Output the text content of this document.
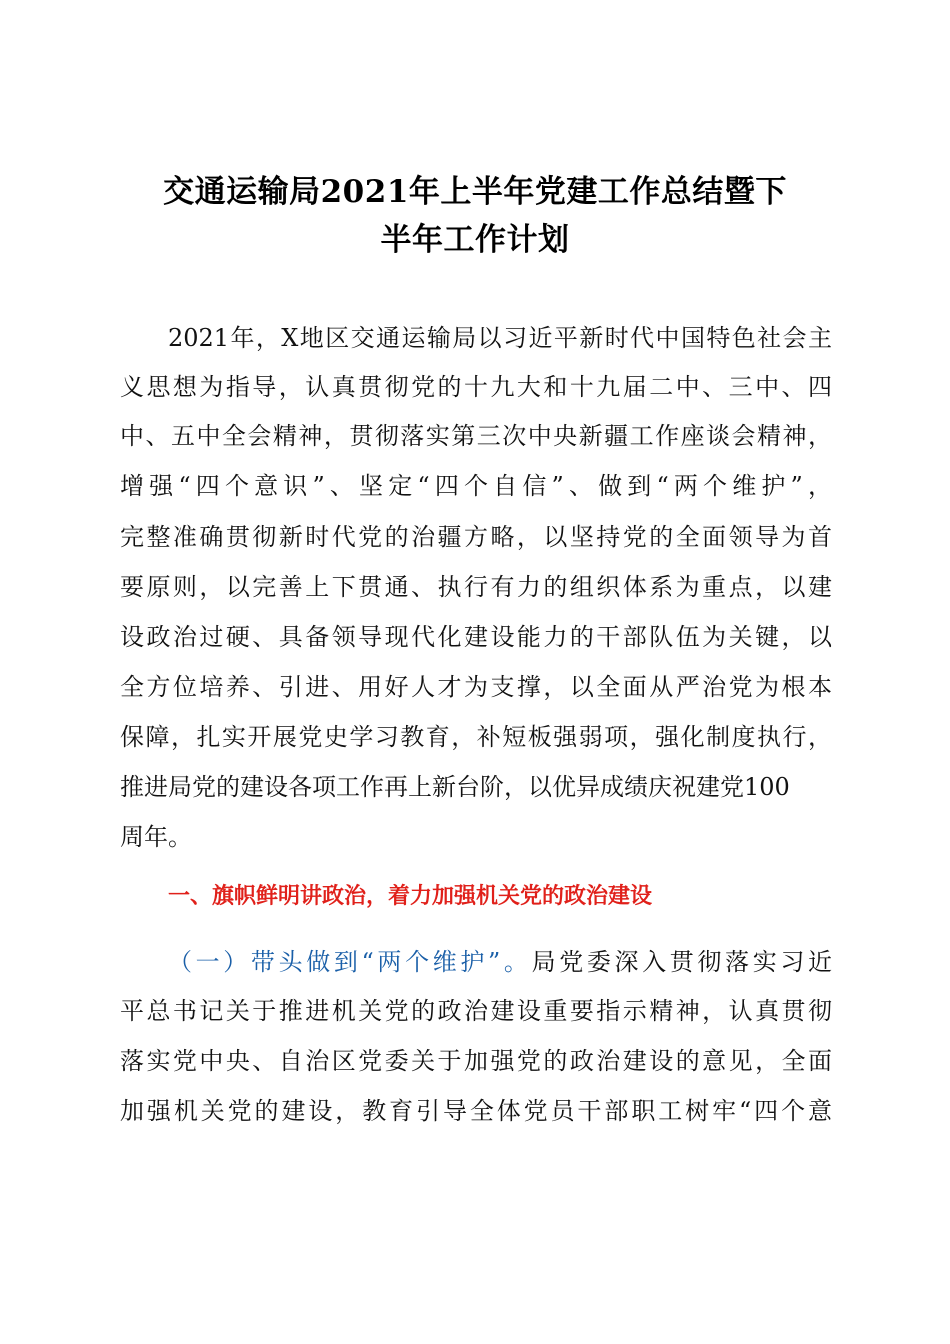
交通运输局2021年上半年党建工作总结暨下
半年工作计划
2021年，X地区交通运输局以习近平新时代中国特色社会主
义思想为指导，认真贯彻党的十九大和十九届二中、三中、四
中、五中全会精神，贯彻落实第三次中央新疆工作座谈会精神，
增强“四个意识”、坚定“四个自信”、做到“两个维护”，
完整准确贯彻新时代党的治疆方略，以坚持党的全面领导为首
要原则，以完善上下贯通、执行有力的组织体系为重点，以建
设政治过硬、具备领导现代化建设能力的干部队伍为关键，以
全方位培养、引进、用好人才为支撑，以全面从严治党为根本
保障，扎实开展党史学习教育，补短板强弱项，强化制度执行，
推进局党的建设各项工作再上新台阶，以优异成绩庆祝建党100
周年。
一、旗帜鲜明讲政治，着力加强机关党的政治建设
（一）带头做到“两个维护”。局党委深入贯彻落实习近
平总书记关于推进机关党的政治建设重要指示精神，认真贯彻
落实党中央、自治区党委关于加强党的政治建设的意见，全面
加强机关党的建设，教育引导全体党员干部职工树牢“四个意
